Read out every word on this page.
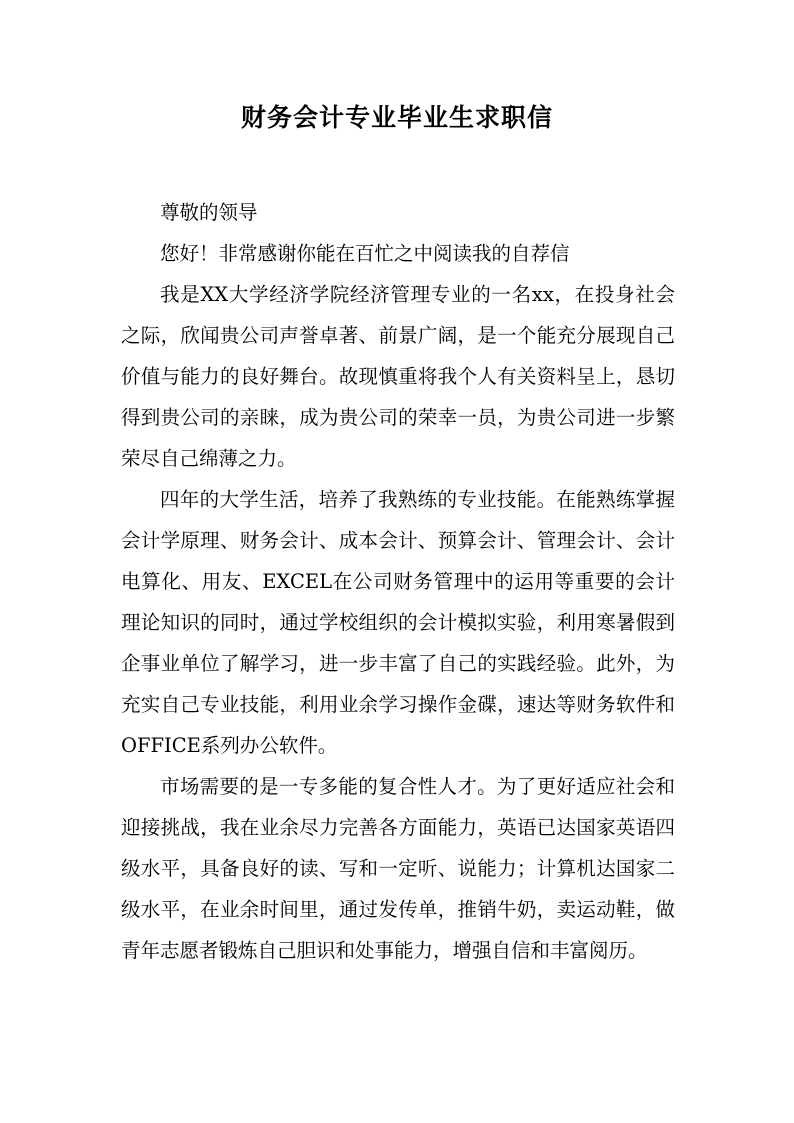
财务会计专业毕业生求职信

尊敬的领导

您好！非常感谢你能在百忙之中阅读我的自荐信

我是XX大学经济学院经济管理专业的一名xx，在投身社会之际，欣闻贵公司声誉卓著、前景广阔，是一个能充分展现自己价值与能力的良好舞台。故现慎重将我个人有关资料呈上，恳切得到贵公司的亲睐，成为贵公司的荣幸一员，为贵公司进一步繁荣尽自己绵薄之力。

四年的大学生活，培养了我熟练的专业技能。在能熟练掌握会计学原理、财务会计、成本会计、预算会计、管理会计、会计电算化、用友、EXCEL在公司财务管理中的运用等重要的会计理论知识的同时，通过学校组织的会计模拟实验，利用寒暑假到企事业单位了解学习，进一步丰富了自己的实践经验。此外，为充实自己专业技能，利用业余学习操作金碟，速达等财务软件和OFFICE系列办公软件。

市场需要的是一专多能的复合性人才。为了更好适应社会和迎接挑战，我在业余尽力完善各方面能力，英语已达国家英语四级水平，具备良好的读、写和一定听、说能力；计算机达国家二级水平，在业余时间里，通过发传单，推销牛奶，卖运动鞋，做青年志愿者锻炼自己胆识和处事能力，增强自信和丰富阅历。
